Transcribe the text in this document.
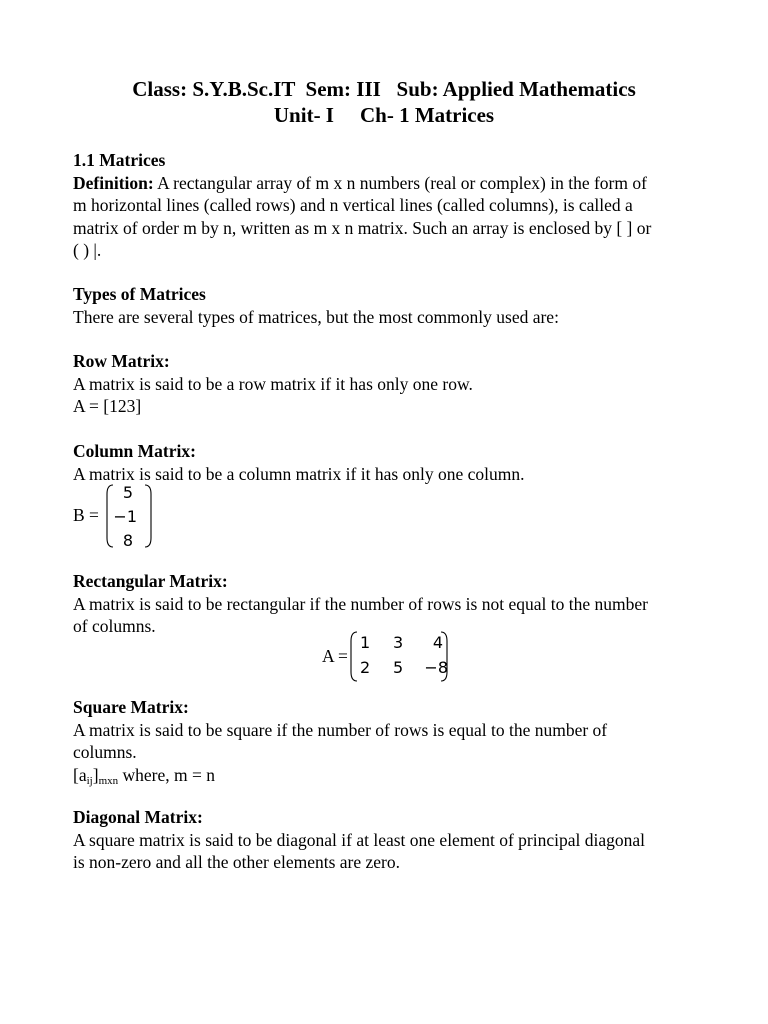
Class: S.Y.B.Sc.IT  Sem: III   Sub: Applied Mathematics
Unit- I Ch- 1 Matrices
1.1 Matrices
Definition: A rectangular array of m x n numbers (real or complex) in the form of
m horizontal lines (called rows) and n vertical lines (called columns), is called a
matrix of order m by n, written as m x n matrix. Such an array is enclosed by [ ] or
( ) |.
Types of Matrices
There are several types of matrices, but the most commonly used are:
Row Matrix:
A matrix is said to be a row matrix if it has only one row.
A = [123]
Column Matrix:
A matrix is said to be a column matrix if it has only one column.
B =
5
−1
8
Rectangular Matrix:
A matrix is said to be rectangular if the number of rows is not equal to the number
of columns.
A =
1 3 4
2 5 −8
Square Matrix:
A matrix is said to be square if the number of rows is equal to the number of
columns.
$[a_{ij}]_{mxn}$ where, m = n
Diagonal Matrix:
A square matrix is said to be diagonal if at least one element of principal diagonal
is non-zero and all the other elements are zero.
